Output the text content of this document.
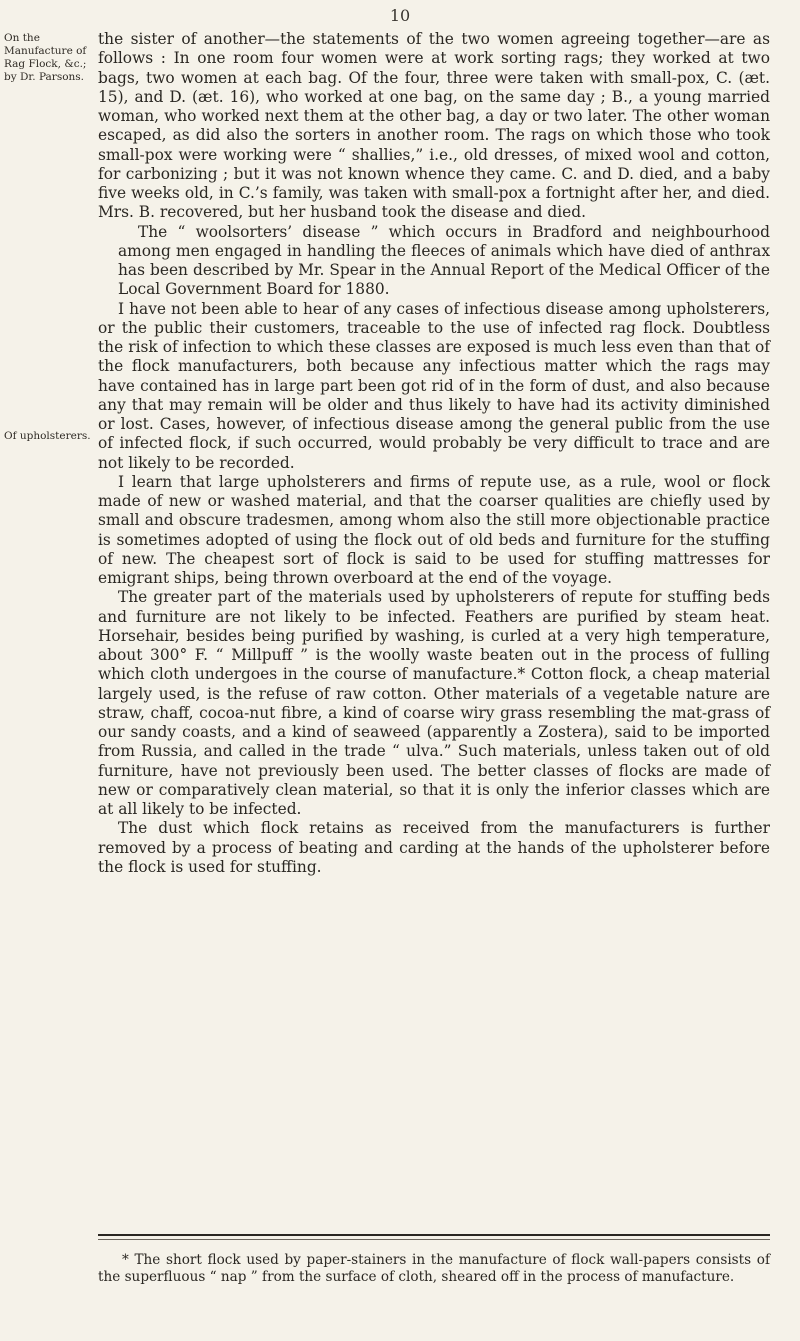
10
On the Manufacture of Rag Flock, &c.; by Dr. Parsons.
Of upholsterers.

the sister of another—the statements of the two women agreeing together—are as follows : In one room four women were at work sorting rags; they worked at two bags, two women at each bag. Of the four, three were taken with small-pox, C. (æt. 15), and D. (æt. 16), who worked at one bag, on the same day ; B., a young married woman, who worked next them at the other bag, a day or two later. The other woman escaped, as did also the sorters in another room. The rags on which those who took small-pox were working were “ shallies,” i.e., old dresses, of mixed wool and cotton, for carbonizing ; but it was not known whence they came. C. and D. died, and a baby five weeks old, in C.’s family, was taken with small-pox a fortnight after her, and died. Mrs. B. recovered, but her husband took the disease and died.

The “ woolsorters’ disease ” which occurs in Bradford and neighbourhood among men engaged in handling the fleeces of animals which have died of anthrax has been described by Mr. Spear in the Annual Report of the Medical Officer of the Local Government Board for 1880.

I have not been able to hear of any cases of infectious disease among upholsterers, or the public their customers, traceable to the use of infected rag flock. Doubtless the risk of infection to which these classes are exposed is much less even than that of the flock manufacturers, both because any infectious matter which the rags may have contained has in large part been got rid of in the form of dust, and also because any that may remain will be older and thus likely to have had its activity diminished or lost. Cases, however, of infectious disease among the general public from the use of infected flock, if such occurred, would probably be very difficult to trace and are not likely to be recorded.

I learn that large upholsterers and firms of repute use, as a rule, wool or flock made of new or washed material, and that the coarser qualities are chiefly used by small and obscure tradesmen, among whom also the still more objectionable practice is sometimes adopted of using the flock out of old beds and furniture for the stuffing of new. The cheapest sort of flock is said to be used for stuffing mattresses for emigrant ships, being thrown overboard at the end of the voyage.

The greater part of the materials used by upholsterers of repute for stuffing beds and furniture are not likely to be infected. Feathers are purified by steam heat. Horsehair, besides being purified by washing, is curled at a very high temperature, about 300° F. “ Millpuff ” is the woolly waste beaten out in the process of fulling which cloth undergoes in the course of manufacture.* Cotton flock, a cheap material largely used, is the refuse of raw cotton. Other materials of a vegetable nature are straw, chaff, cocoa-nut fibre, a kind of coarse wiry grass resembling the mat-grass of our sandy coasts, and a kind of seaweed (apparently a Zostera), said to be imported from Russia, and called in the trade “ ulva.” Such materials, unless taken out of old furniture, have not previously been used. The better classes of flocks are made of new or comparatively clean material, so that it is only the inferior classes which are at all likely to be infected.

The dust which flock retains as received from the manufacturers is further removed by a process of beating and carding at the hands of the upholsterer before the flock is used for stuffing.

* The short flock used by paper-stainers in the manufacture of flock wall-papers consists of the superfluous “ nap ” from the surface of cloth, sheared off in the process of manufacture.
